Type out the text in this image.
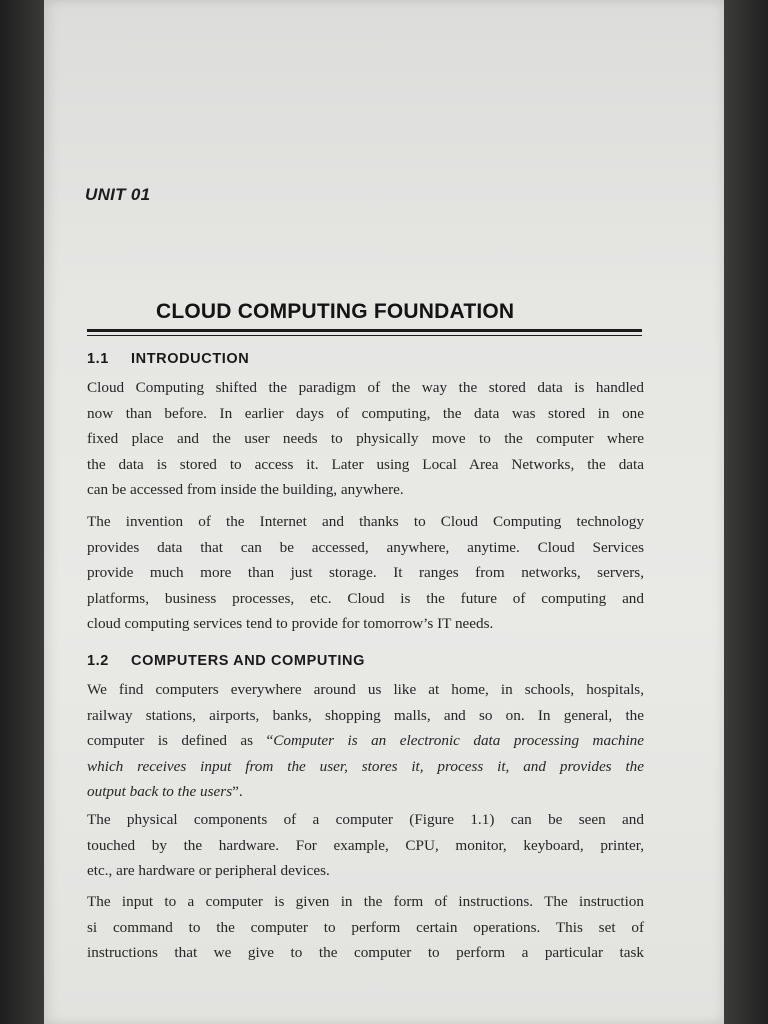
UNIT 01
CLOUD COMPUTING FOUNDATION
1.1 INTRODUCTION
Cloud Computing shifted the paradigm of the way the stored data is handled
now than before. In earlier days of computing, the data was stored in one
fixed place and the user needs to physically move to the computer where
the data is stored to access it. Later using Local Area Networks, the data
can be accessed from inside the building, anywhere.
The invention of the Internet and thanks to Cloud Computing technology
provides data that can be accessed, anywhere, anytime. Cloud Services
provide much more than just storage. It ranges from networks, servers,
platforms, business processes, etc. Cloud is the future of computing and
cloud computing services tend to provide for tomorrow’s IT needs.
1.2 COMPUTERS AND COMPUTING
We find computers everywhere around us like at home, in schools, hospitals,
railway stations, airports, banks, shopping malls, and so on. In general, the
computer is defined as “Computer is an electronic data processing machine
which receives input from the user, stores it, process it, and provides the
output back to the users”.
The physical components of a computer (Figure 1.1) can be seen and
touched by the hardware. For example, CPU, monitor, keyboard, printer,
etc., are hardware or peripheral devices.
The input to a computer is given in the form of instructions. The instruction
si command to the computer to perform certain operations. This set of
instructions that we give to the computer to perform a particular task
